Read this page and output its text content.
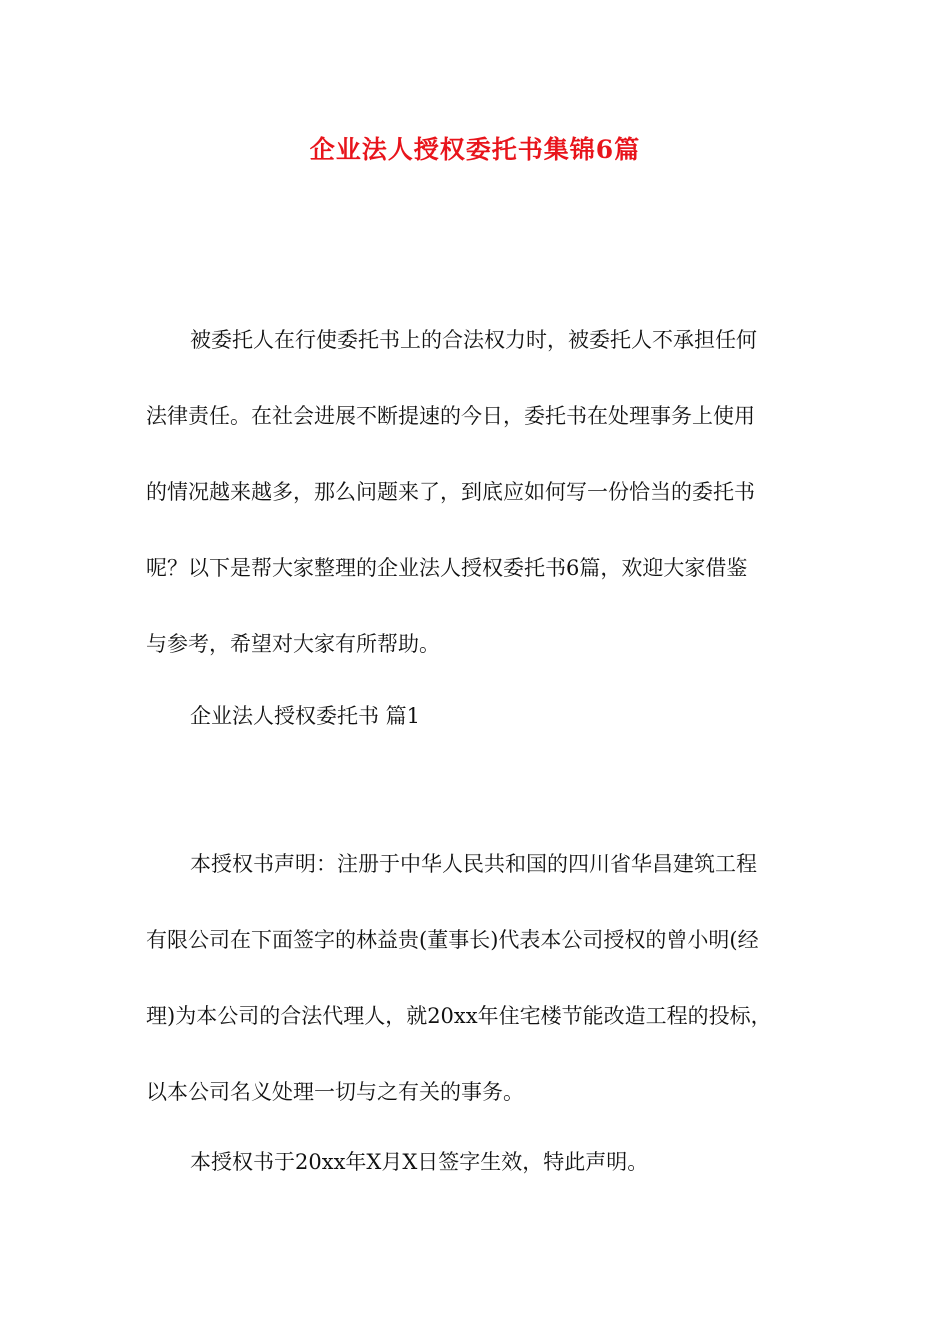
企业法人授权委托书集锦6篇
被委托人在行使委托书上的合法权力时，被委托人不承担任何
法律责任。在社会进展不断提速的今日，委托书在处理事务上使用
的情况越来越多，那么问题来了，到底应如何写一份恰当的委托书
呢？以下是帮大家整理的企业法人授权委托书6篇，欢迎大家借鉴
与参考，希望对大家有所帮助。
企业法人授权委托书 篇1
本授权书声明：注册于中华人民共和国的四川省华昌建筑工程
有限公司在下面签字的林益贵(董事长)代表本公司授权的曾小明(经
理)为本公司的合法代理人，就20xx年住宅楼节能改造工程的投标，
以本公司名义处理一切与之有关的事务。
本授权书于20xx年X月X日签字生效，特此声明。
